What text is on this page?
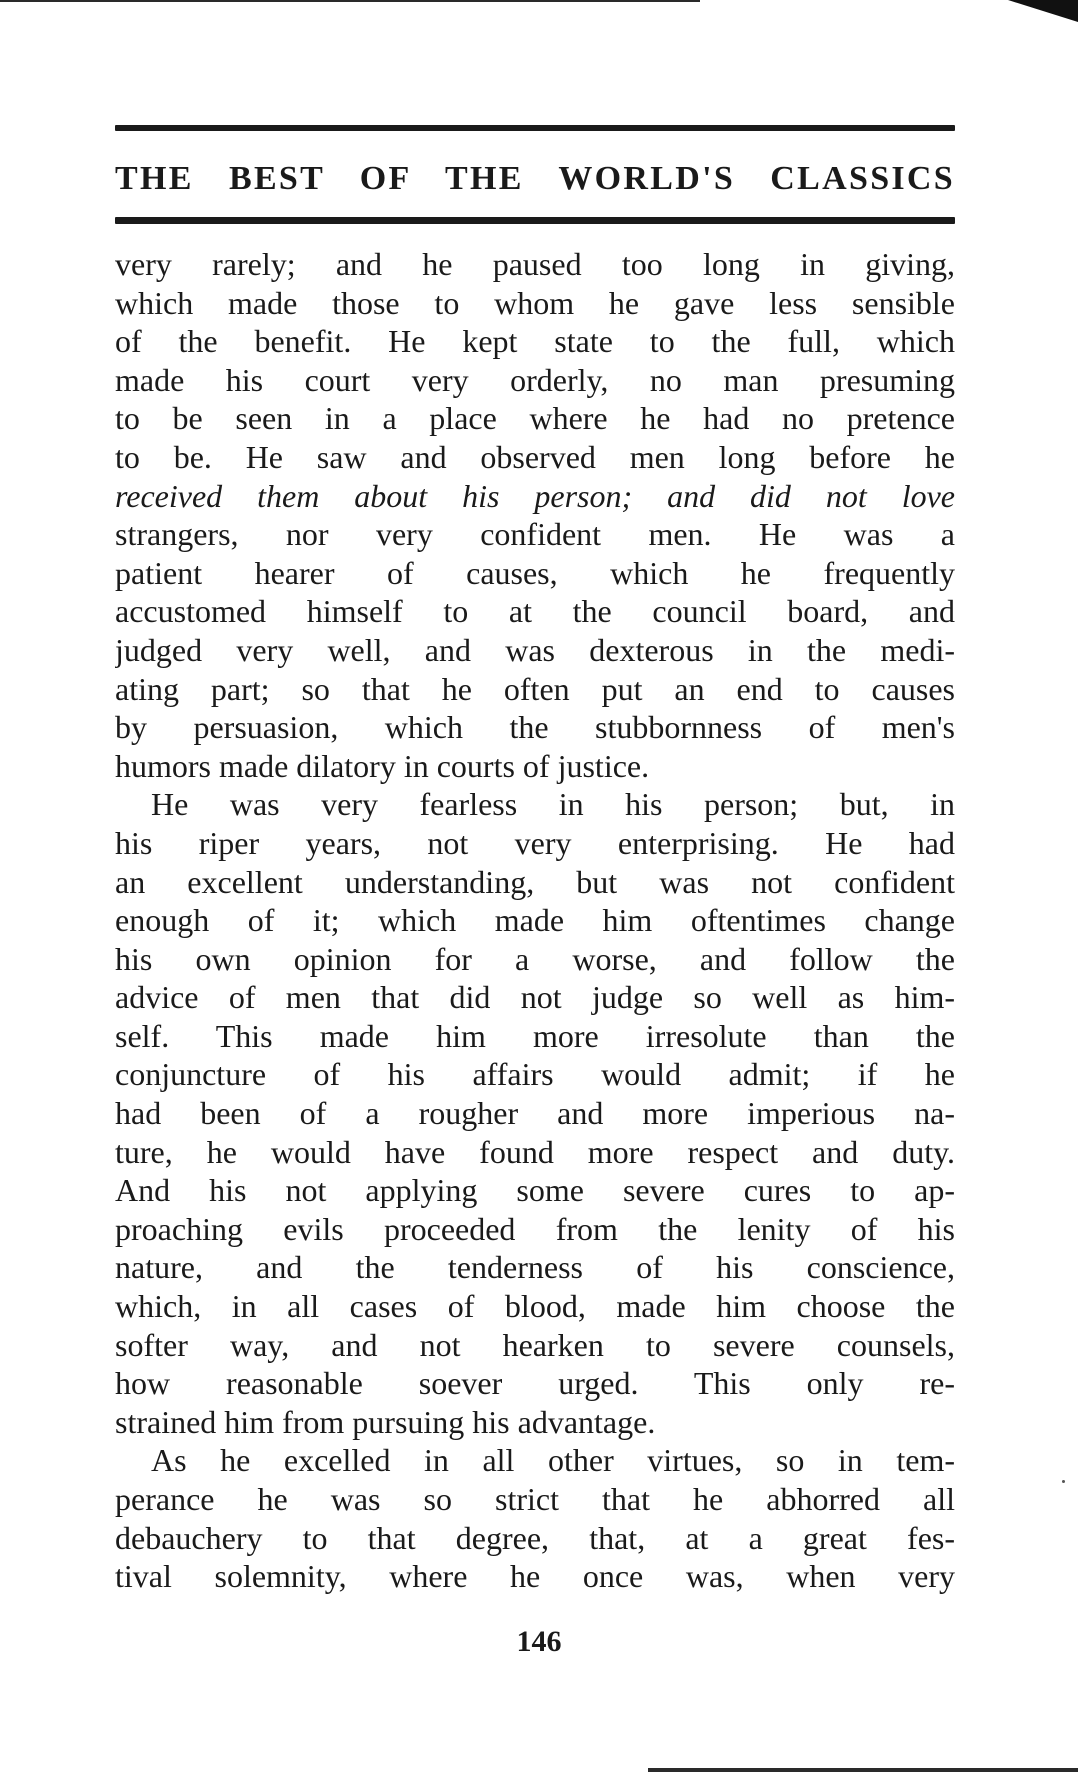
THE BEST OF THE WORLD'S CLASSICS
very rarely; and he paused too long in giving,
which made those to whom he gave less sensible
of the benefit. He kept state to the full, which
made his court very orderly, no man presuming
to be seen in a place where he had no pretence
to be. He saw and observed men long before he
received them about his person; and did not love
strangers, nor very confident men. He was a
patient hearer of causes, which he frequently
accustomed himself to at the council board, and
judged very well, and was dexterous in the medi-
ating part; so that he often put an end to causes
by persuasion, which the stubbornness of men's
humors made dilatory in courts of justice.
He was very fearless in his person; but, in
his riper years, not very enterprising. He had
an excellent understanding, but was not confident
enough of it; which made him oftentimes change
his own opinion for a worse, and follow the
advice of men that did not judge so well as him-
self. This made him more irresolute than the
conjuncture of his affairs would admit; if he
had been of a rougher and more imperious na-
ture, he would have found more respect and duty.
And his not applying some severe cures to ap-
proaching evils proceeded from the lenity of his
nature, and the tenderness of his conscience,
which, in all cases of blood, made him choose the
softer way, and not hearken to severe counsels,
how reasonable soever urged. This only re-
strained him from pursuing his advantage.
As he excelled in all other virtues, so in tem-
perance he was so strict that he abhorred all
debauchery to that degree, that, at a great fes-
tival solemnity, where he once was, when very
146
